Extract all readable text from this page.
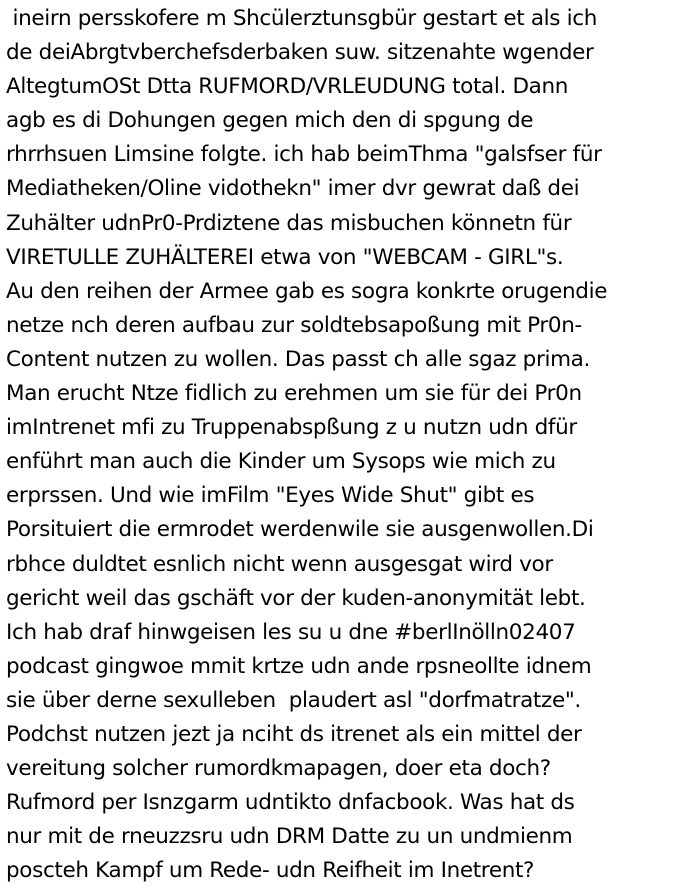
ineirn persskofere m Shcülerztunsgbür gestart et als ich
de deiAbrgtvberchefsderbaken suw. sitzenahte wgender
AltegtumOSt Dtta RUFMORD/VRLEUDUNG total. Dann
agb es di Dohungen gegen mich den di spgung de
rhrrhsuen Limsine folgte. ich hab beimThma "galsfser für
Mediatheken/Oline vidothekn" imer dvr gewrat daß dei
Zuhälter udnPr0-Prdiztene das misbuchen könnetn für
VIRETULLE ZUHÄLTEREI etwa von "WEBCAM - GIRL"s.
Au den reihen der Armee gab es sogra konkrte orugendie
netze nch deren aufbau zur soldtebsapoßung mit Pr0n-
Content nutzen zu wollen. Das passt ch alle sgaz prima.
Man erucht Ntze fidlich zu erehmen um sie für dei Pr0n
imIntrenet mfi zu Truppenabspßung z u nutzn udn dfür
enführt man auch die Kinder um Sysops wie mich zu
erprssen. Und wie imFilm "Eyes Wide Shut" gibt es
Porsituiert die ermrodet werdenwile sie ausgenwollen.Di
rbhce duldtet esnlich nicht wenn ausgesgat wird vor
gericht weil das gschäft vor der kuden-anonymität lebt.
Ich hab draf hinwgeisen les su u dne #berlInölln02407
podcast gingwoe mmit krtze udn ande rpsneollte idnem
sie über derne sexulleben  plaudert asl "dorfmatratze".
Podchst nutzen jezt ja nciht ds itrenet als ein mittel der
vereitung solcher rumordkmapagen, doer eta doch?
Rufmord per Isnzgarm udntikto dnfacbook. Was hat ds
nur mit de rneuzzsru udn DRM Datte zu un undmienm
poscteh Kampf um Rede- udn Reifheit im Inetrent?
